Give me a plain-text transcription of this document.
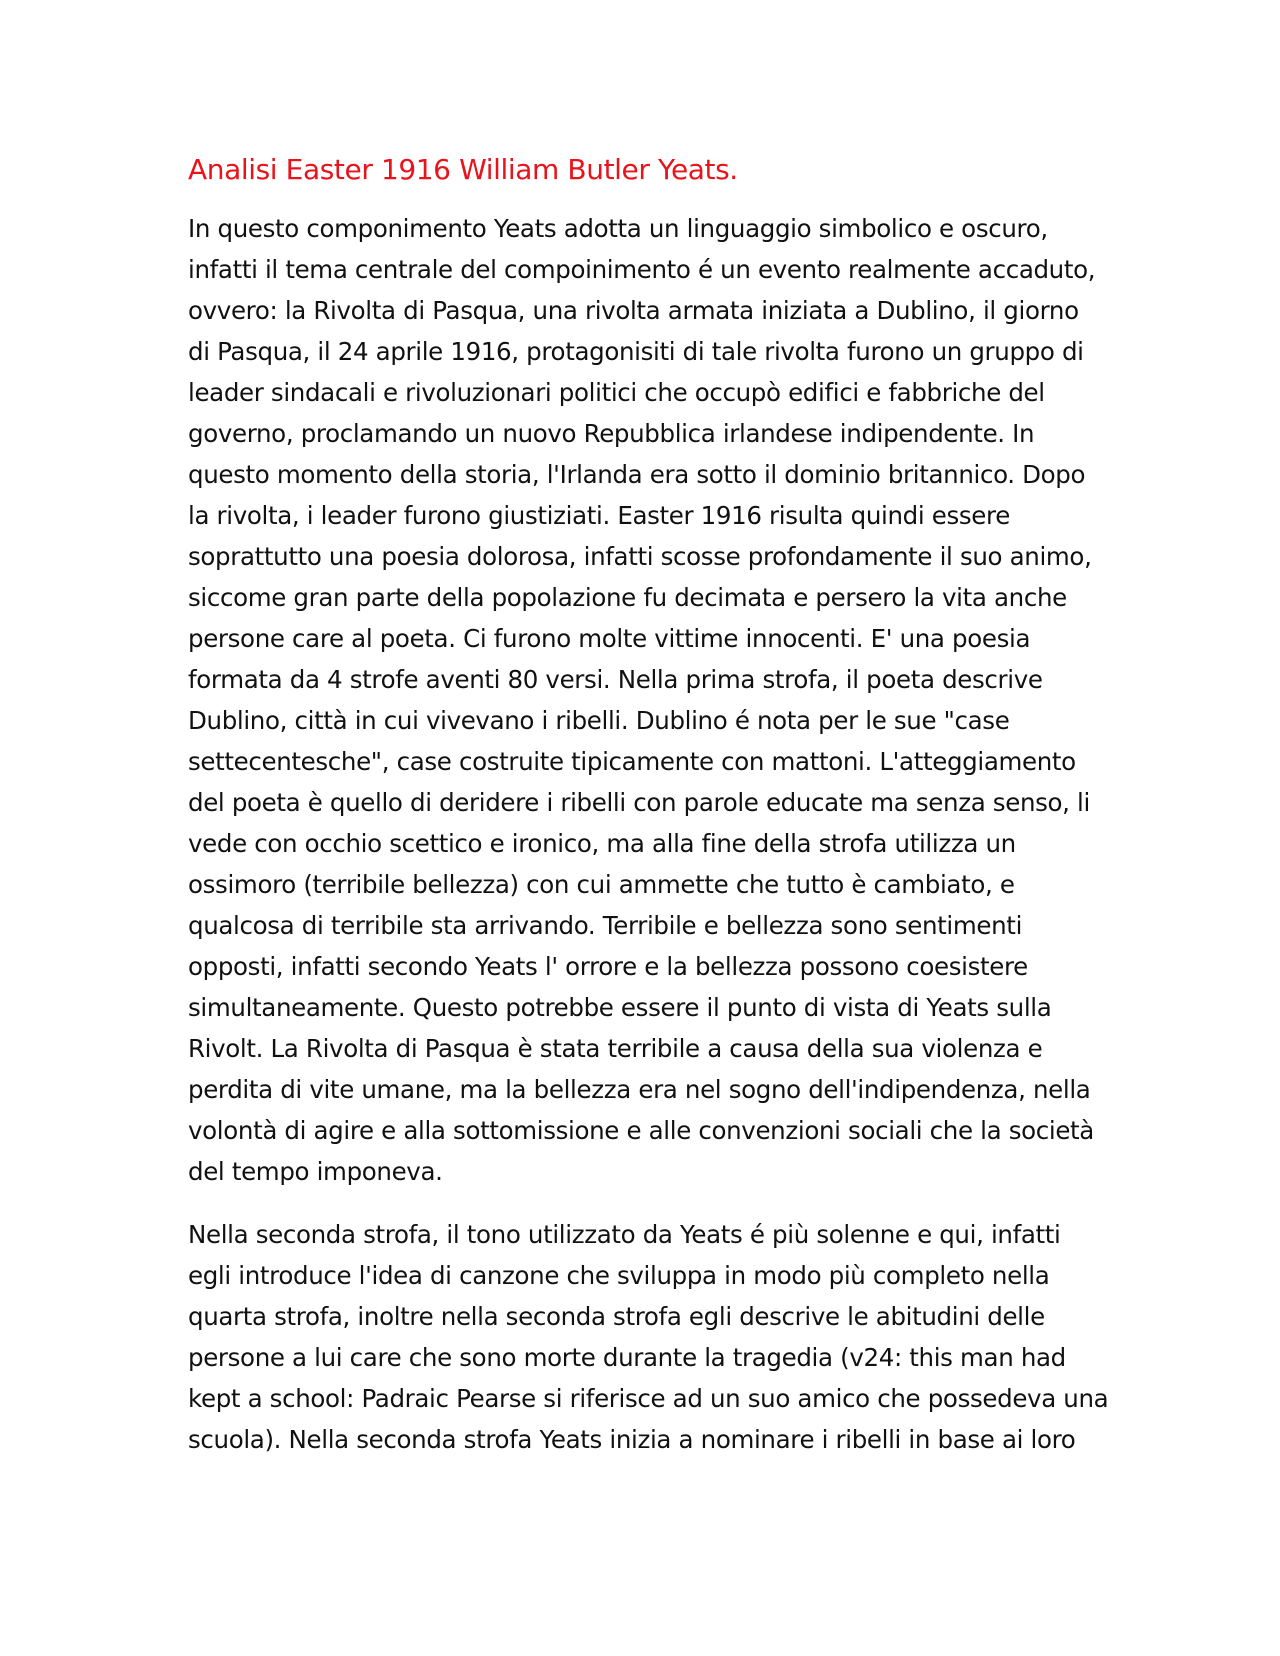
Analisi Easter 1916 William Butler Yeats.

In questo componimento Yeats adotta un linguaggio simbolico e oscuro,
infatti il tema centrale del compoinimento é un evento realmente accaduto,
ovvero: la Rivolta di Pasqua, una rivolta armata iniziata a Dublino, il giorno
di Pasqua, il 24 aprile 1916, protagonisiti di tale rivolta furono un gruppo di
leader sindacali e rivoluzionari politici che occupò edifici e fabbriche del
governo, proclamando un nuovo Repubblica irlandese indipendente. In
questo momento della storia, l'Irlanda era sotto il dominio britannico. Dopo
la rivolta, i leader furono giustiziati. Easter 1916 risulta quindi essere
soprattutto una poesia dolorosa, infatti scosse profondamente il suo animo,
siccome gran parte della popolazione fu decimata e persero la vita anche
persone care al poeta. Ci furono molte vittime innocenti. E' una poesia
formata da 4 strofe aventi 80 versi. Nella prima strofa, il poeta descrive
Dublino, città in cui vivevano i ribelli. Dublino é nota per le sue "case
settecentesche", case costruite tipicamente con mattoni. L'atteggiamento
del poeta è quello di deridere i ribelli con parole educate ma senza senso, li
vede con occhio scettico e ironico, ma alla fine della strofa utilizza un
ossimoro (terribile bellezza) con cui ammette che tutto è cambiato, e
qualcosa di terribile sta arrivando. Terribile e bellezza sono sentimenti
opposti, infatti secondo Yeats l' orrore e la bellezza possono coesistere
simultaneamente. Questo potrebbe essere il punto di vista di Yeats sulla
Rivolt. La Rivolta di Pasqua è stata terribile a causa della sua violenza e
perdita di vite umane, ma la bellezza era nel sogno dell'indipendenza, nella
volontà di agire e alla sottomissione e alle convenzioni sociali che la società
del tempo imponeva.

Nella seconda strofa, il tono utilizzato da Yeats é più solenne e qui, infatti
egli introduce l'idea di canzone che sviluppa in modo più completo nella
quarta strofa, inoltre nella seconda strofa egli descrive le abitudini delle
persone a lui care che sono morte durante la tragedia (v24: this man had
kept a school: Padraic Pearse si riferisce ad un suo amico che possedeva una
scuola). Nella seconda strofa Yeats inizia a nominare i ribelli in base ai loro
